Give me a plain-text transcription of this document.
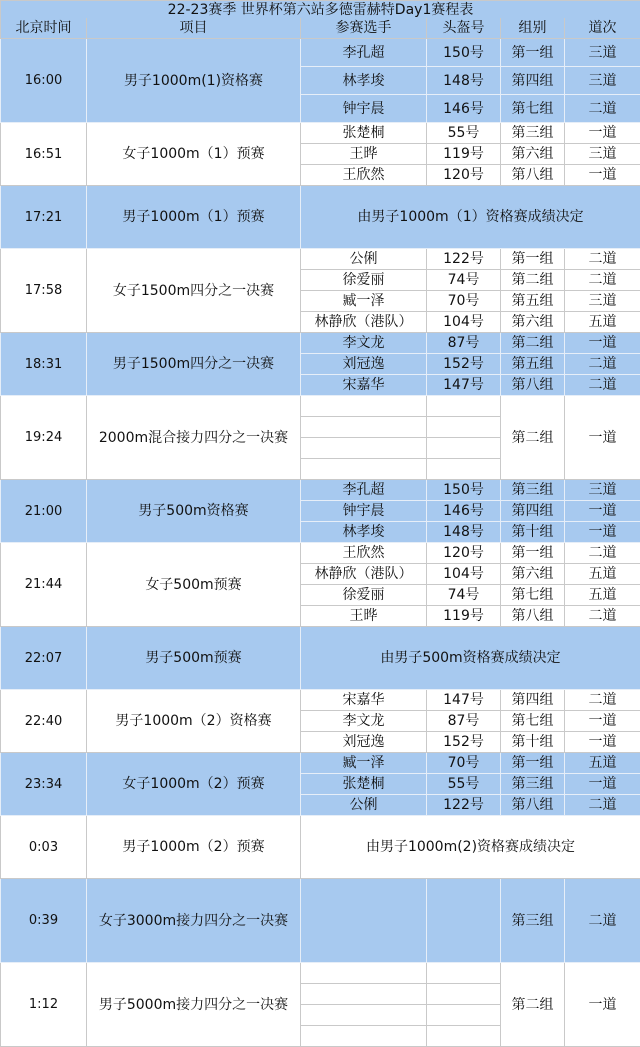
22-23赛季 世界杯第六站多德雷赫特Day1赛程表					
北京时间	项目	参赛选手	头盔号	组别	道次
16:00	男子1000m(1)资格赛	李孔超	150号	第一组	三道
		林孝埈	148号	第四组	三道
		钟宇晨	146号	第七组	二道
16:51	女子1000m（1）预赛	张楚桐	55号	第三组	一道
		王晔	119号	第六组	三道
		王欣然	120号	第八组	一道
17:21	男子1000m（1）预赛	由男子1000m（1）资格赛成绩决定			
17:58	女子1500m四分之一决赛	公俐	122号	第一组	二道
		徐爱丽	74号	第二组	二道
		臧一泽	70号	第五组	三道
		林静欣（港队）	104号	第六组	五道
18:31	男子1500m四分之一决赛	李文龙	87号	第二组	一道
		刘冠逸	152号	第五组	二道
		宋嘉华	147号	第八组	二道
19:24	2000m混合接力四分之一决赛			第二组	一道

21:00	男子500m资格赛	李孔超	150号	第三组	三道
		钟宇晨	146号	第四组	一道
		林孝埈	148号	第十组	一道
21:44	女子500m预赛	王欣然	120号	第一组	二道
		林静欣（港队）	104号	第六组	五道
		徐爱丽	74号	第七组	五道
		王晔	119号	第八组	二道
22:07	男子500m预赛	由男子500m资格赛成绩决定			
22:40	男子1000m（2）资格赛	宋嘉华	147号	第四组	二道
		李文龙	87号	第七组	一道
		刘冠逸	152号	第十组	一道
23:34	女子1000m（2）预赛	臧一泽	70号	第一组	五道
		张楚桐	55号	第三组	一道
		公俐	122号	第八组	二道
0:03	男子1000m（2）预赛	由男子1000m(2)资格赛成绩决定			
0:39	女子3000m接力四分之一决赛			第三组	二道
1:12	男子5000m接力四分之一决赛			第二组	一道
